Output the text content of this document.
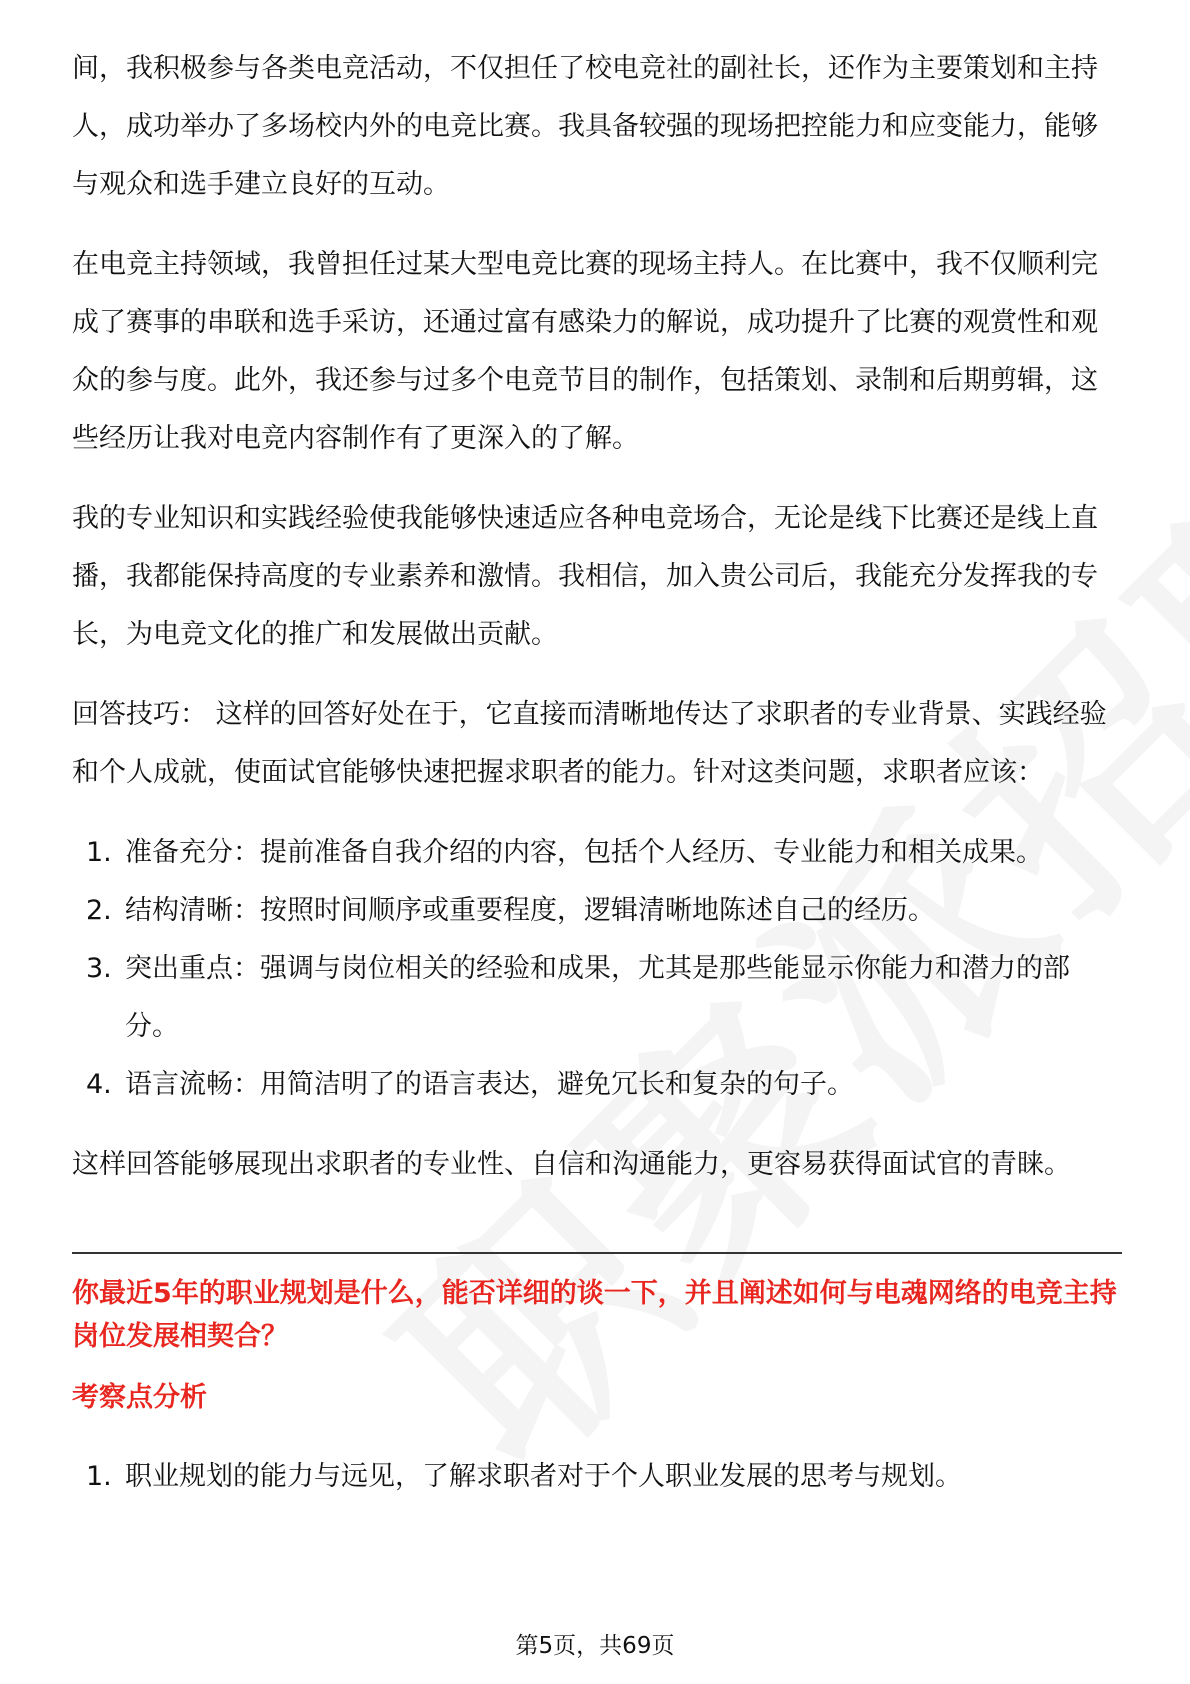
间，我积极参与各类电竞活动，不仅担任了校电竞社的副社长，还作为主要策划和主持人，成功举办了多场校内外的电竞比赛。我具备较强的现场把控能力和应变能力，能够与观众和选手建立良好的互动。

在电竞主持领域，我曾担任过某大型电竞比赛的现场主持人。在比赛中，我不仅顺利完成了赛事的串联和选手采访，还通过富有感染力的解说，成功提升了比赛的观赏性和观众的参与度。此外，我还参与过多个电竞节目的制作，包括策划、录制和后期剪辑，这些经历让我对电竞内容制作有了更深入的了解。

我的专业知识和实践经验使我能够快速适应各种电竞场合，无论是线下比赛还是线上直播，我都能保持高度的专业素养和激情。我相信，加入贵公司后，我能充分发挥我的专长，为电竞文化的推广和发展做出贡献。

回答技巧： 这样的回答好处在于，它直接而清晰地传达了求职者的专业背景、实践经验和个人成就，使面试官能够快速把握求职者的能力。针对这类问题，求职者应该：

1. 准备充分：提前准备自我介绍的内容，包括个人经历、专业能力和相关成果。
2. 结构清晰：按照时间顺序或重要程度，逻辑清晰地陈述自己的经历。
3. 突出重点：强调与岗位相关的经验和成果，尤其是那些能显示你能力和潜力的部分。
4. 语言流畅：用简洁明了的语言表达，避免冗长和复杂的句子。

这样回答能够展现出求职者的专业性、自信和沟通能力，更容易获得面试官的青睐。

你最近5年的职业规划是什么，能否详细的谈一下，并且阐述如何与电魂网络的电竞主持岗位发展相契合？
考察点分析
1. 职业规划的能力与远见，了解求职者对于个人职业发展的思考与规划。
第5页，共69页
